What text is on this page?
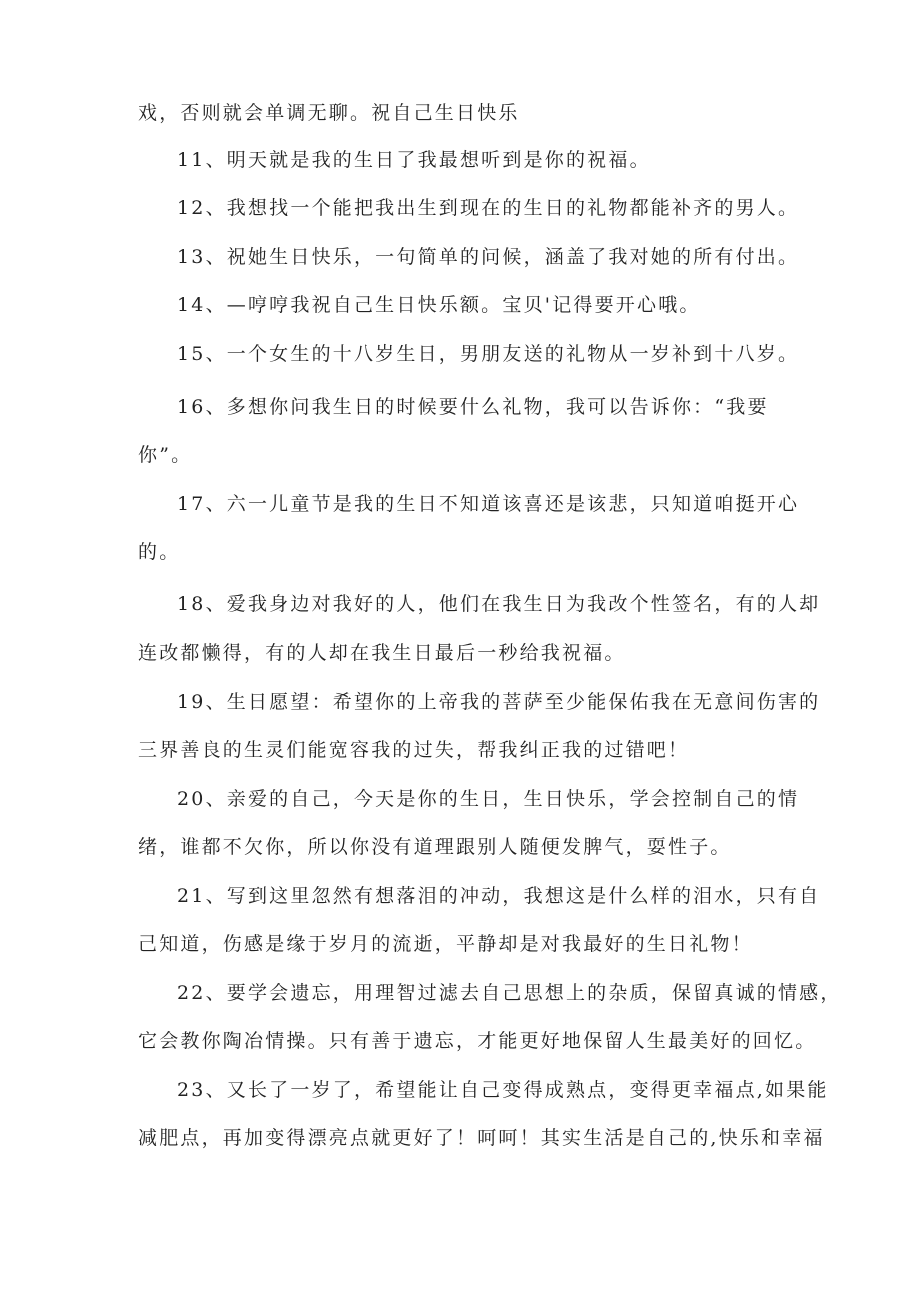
戏，否则就会单调无聊。祝自己生日快乐
11、明天就是我的生日了我最想听到是你的祝福。
12、我想找一个能把我出生到现在的生日的礼物都能补齐的男人。
13、祝她生日快乐，一句简单的问候，涵盖了我对她的所有付出。
14、—哼哼我祝自己生日快乐额。宝贝'记得要开心哦。
15、一个女生的十八岁生日，男朋友送的礼物从一岁补到十八岁。
16、多想你问我生日的时候要什么礼物，我可以告诉你：“我要
你”。
17、六一儿童节是我的生日不知道该喜还是该悲，只知道咱挺开心
的。
18、爱我身边对我好的人，他们在我生日为我改个性签名，有的人却
连改都懒得，有的人却在我生日最后一秒给我祝福。
19、生日愿望：希望你的上帝我的菩萨至少能保佑我在无意间伤害的
三界善良的生灵们能宽容我的过失，帮我纠正我的过错吧！
20、亲爱的自己，今天是你的生日，生日快乐，学会控制自己的情
绪，谁都不欠你，所以你没有道理跟别人随便发脾气，耍性子。
21、写到这里忽然有想落泪的冲动，我想这是什么样的泪水，只有自
己知道，伤感是缘于岁月的流逝，平静却是对我最好的生日礼物！
22、要学会遗忘，用理智过滤去自己思想上的杂质，保留真诚的情感，
它会教你陶冶情操。只有善于遗忘，才能更好地保留人生最美好的回忆。
23、又长了一岁了，希望能让自己变得成熟点，变得更幸福点,如果能
减肥点，再加变得漂亮点就更好了！呵呵！其实生活是自己的,快乐和幸福
